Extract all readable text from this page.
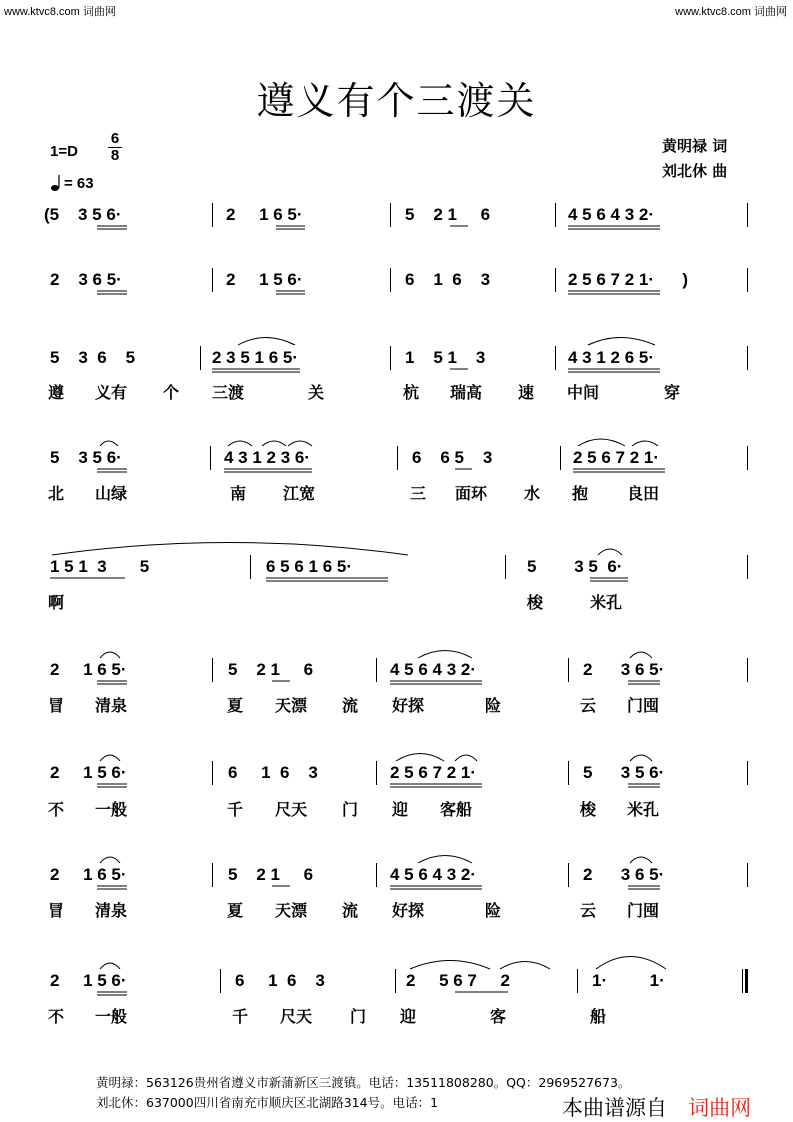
www.ktvc8.com 词曲网	www.ktvc8.com 词曲网
遵义有个三渡关
1=D
6
8
= 63
黄明禄 词
刘北休 曲
(5    3 5 6·	2     1 6 5·	5    2 1     6	4 5 6 4 3 2·
2    3 6 5·	2     1 5 6·	6    1  6    3	2 5 6 7 2 1·      )
5    3  6    5	2 3 5 1 6 5·	1    5 1    3	4 3 1 2 6 5·
遵 义有 个 三渡	关	杭 瑞高 速 中间	穿
5    3 5 6·	4 3 1 2 3 6·	6    6 5    3	2 5 6 7 2 1·
北 山绿	南 江宽	三 面环 水 抱 良田
1 5 1  3       5	6 5 6 1 6 5·	5        3 5  6·
啊	梭	米孔
2     1 6 5·	5    2 1     6	4 5 6 4 3 2·	2      3 6 5·
冒 清泉	夏 天漂 流 好探	险	云 门囤
2     1 5 6·	6     1  6    3	2 5 6 7 2 1·	5      3 5 6·
不 一般	千 尺天 门 迎 客船	梭 米孔
2     1 6 5·	5    2 1     6	4 5 6 4 3 2·	2      3 6 5·
冒 清泉	夏 天漂 流 好探	险	云 门囤
2     1 5 6·	6     1  6    3	2     5 6 7     2	1·         1·
不 一般	千 尺天 门 迎	客	船
黄明禄：563126贵州省遵义市新蒲新区三渡镇。电话：13511808280。QQ：2969527673。
刘北休：637000四川省南充市顺庆区北湖路314号。电话：1	本曲谱源自 词曲网
